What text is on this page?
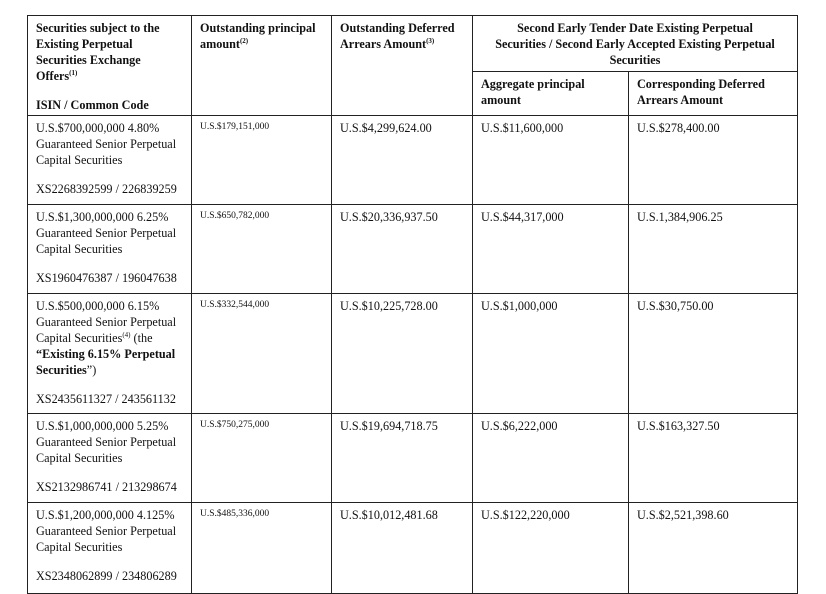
Securities subject to the Existing Perpetual Securities Exchange Offers$^{(1)}$
ISIN / Common Code	Outstanding principal amount$^{(2)}$	Outstanding Deferred Arrears Amount$^{(3)}$	Second Early Tender Date Existing Perpetual Securities / Second Early Accepted Existing Perpetual Securities	
			Aggregate principal amount	Corresponding Deferred Arrears Amount

U.S.$700,000,000 4.80% Guaranteed Senior Perpetual Capital Securities
XS2268392599 / 226839259	U.S.$179,151,000	U.S.$4,299,624.00	U.S.$11,600,000	U.S.$278,400.00

U.S.$1,300,000,000 6.25% Guaranteed Senior Perpetual Capital Securities
XS1960476387 / 196047638	U.S.$650,782,000	U.S.$20,336,937.50	U.S.$44,317,000	U.S.1,384,906.25

U.S.$500,000,000 6.15% Guaranteed Senior Perpetual Capital Securities$^{(4)}$ (the “Existing 6.15% Perpetual Securities”)
XS2435611327 / 243561132	U.S.$332,544,000	U.S.$10,225,728.00	U.S.$1,000,000	U.S.$30,750.00

U.S.$1,000,000,000 5.25% Guaranteed Senior Perpetual Capital Securities
XS2132986741 / 213298674	U.S.$750,275,000	U.S.$19,694,718.75	U.S.$6,222,000	U.S.$163,327.50

U.S.$1,200,000,000 4.125% Guaranteed Senior Perpetual Capital Securities
XS2348062899 / 234806289	U.S.$485,336,000	U.S.$10,012,481.68	U.S.$122,220,000	U.S.$2,521,398.60
